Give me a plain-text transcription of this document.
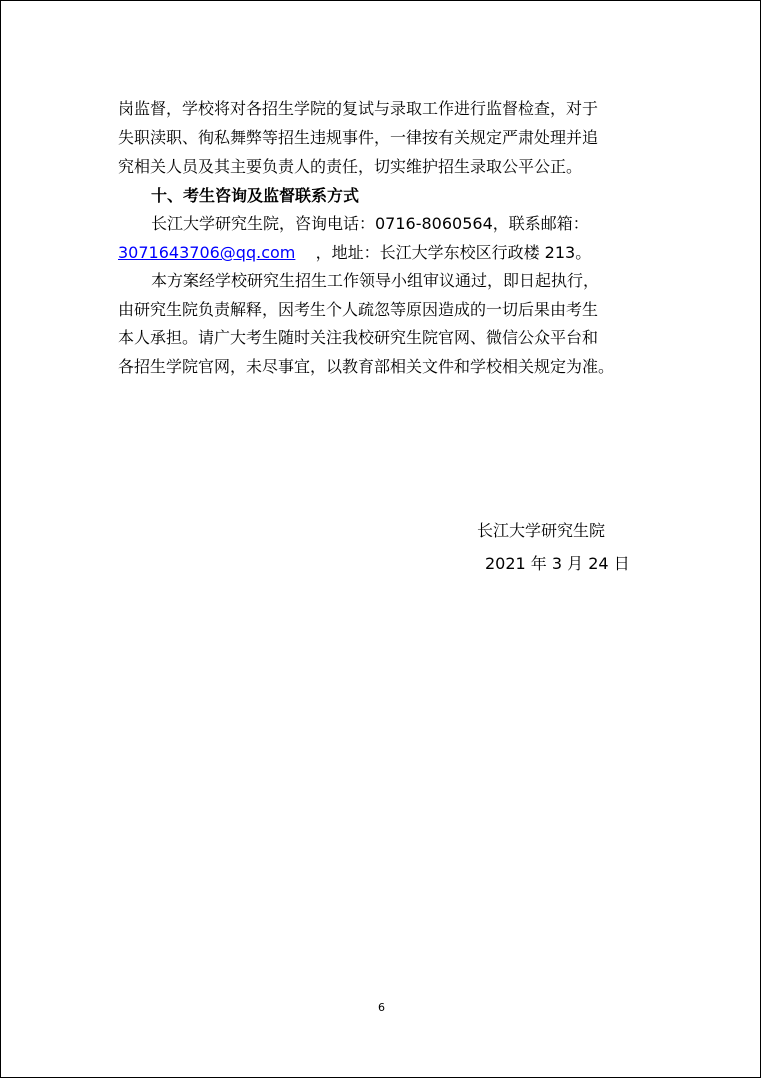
岗监督，学校将对各招生学院的复试与录取工作进行监督检查，对于
失职渎职、徇私舞弊等招生违规事件，一律按有关规定严肃处理并追
究相关人员及其主要负责人的责任，切实维护招生录取公平公正。
十、考生咨询及监督联系方式
长江大学研究生院，咨询电话：0716-8060564，联系邮箱：
3071643706@qq.com ，地址：长江大学东校区行政楼 213。
本方案经学校研究生招生工作领导小组审议通过，即日起执行，
由研究生院负责解释，因考生个人疏忽等原因造成的一切后果由考生
本人承担。请广大考生随时关注我校研究生院官网、微信公众平台和
各招生学院官网，未尽事宜，以教育部相关文件和学校相关规定为准。
长江大学研究生院
2021 年 3 月 24 日
6
